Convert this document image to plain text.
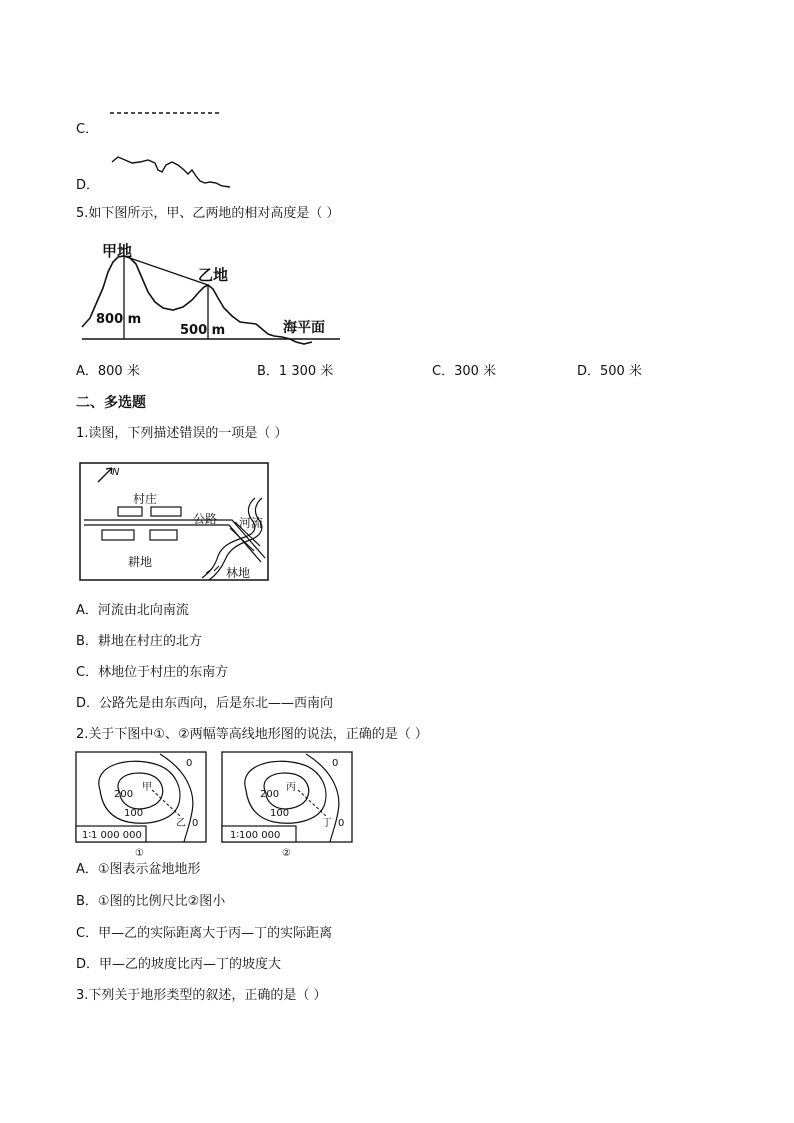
C．
D．
5.如下图所示，甲、乙两地的相对高度是（ ）
甲地
乙地
800 m
500 m	海平面
A．800 米	B．1 300 米	C．300 米	D．500 米
二、多选题
1.读图，下列描述错误的一项是（ ）
N
村庄
公路 河流
耕地
林地
A．河流由北向南流
B．耕地在村庄的北方
C．林地位于村庄的东南方
D．公路先是由东西向，后是东北——西南向
2.关于下图中①、②两幅等高线地形图的说法，正确的是（ ）
甲
乙
200
100
0
0
1∶1 000 000
①
丙
丁
200
100
0
0
1∶100 000
②
A．①图表示盆地地形
B．①图的比例尺比②图小
C．甲—乙的实际距离大于丙—丁的实际距离
D．甲—乙的坡度比丙—丁的坡度大
3.下列关于地形类型的叙述，正确的是（ ）
